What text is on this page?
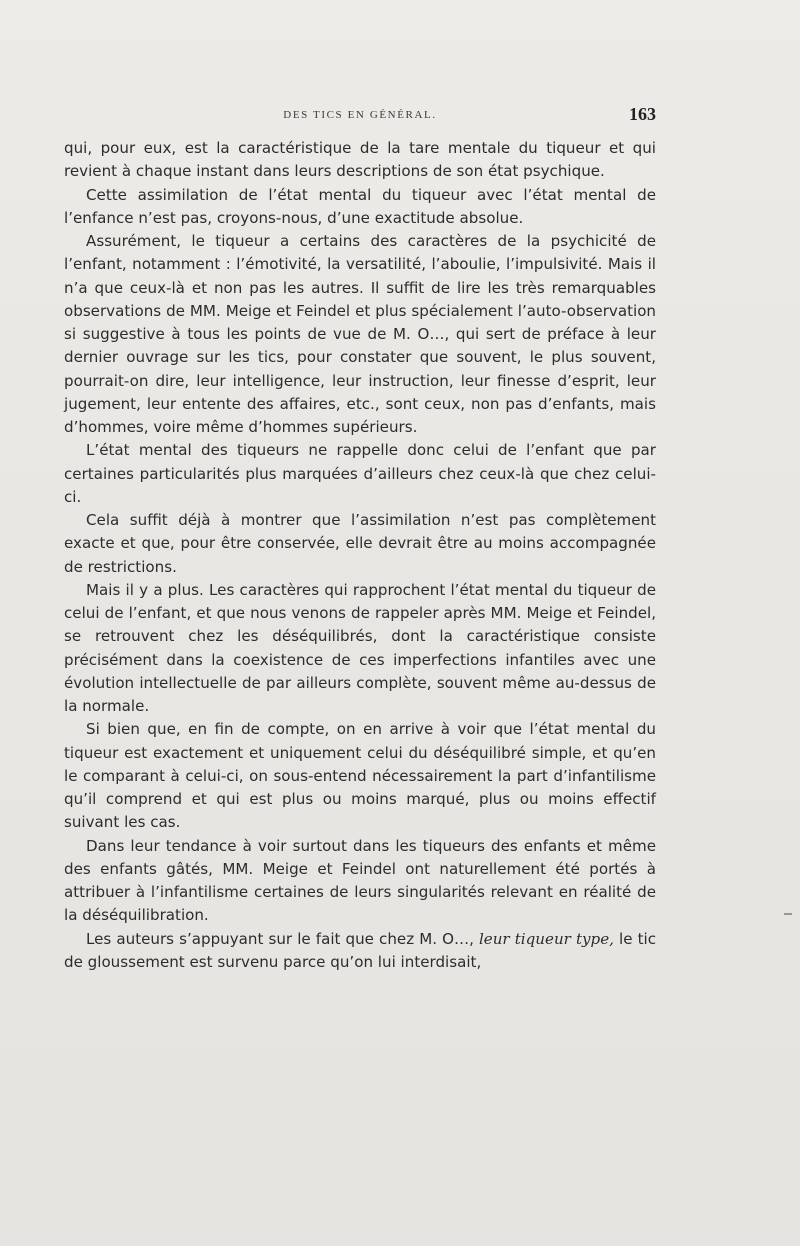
DES TICS EN GÉNÉRAL.	163

qui, pour eux, est la caractéristique de la tare mentale du tiqueur et qui revient à chaque instant dans leurs descriptions de son état psychique.

Cette assimilation de l’état mental du tiqueur avec l’état mental de l’enfance n’est pas, croyons-nous, d’une exactitude absolue.

Assurément, le tiqueur a certains des caractères de la psychicité de l’enfant, notamment : l’émotivité, la versatilité, l’aboulie, l’impulsivité. Mais il n’a que ceux-là et non pas les autres. Il suffit de lire les très remarquables observations de MM. Meige et Feindel et plus spécialement l’auto-observation si suggestive à tous les points de vue de M. O…, qui sert de préface à leur dernier ouvrage sur les tics, pour constater que souvent, le plus souvent, pourrait-on dire, leur intelligence, leur instruction, leur finesse d’esprit, leur jugement, leur entente des affaires, etc., sont ceux, non pas d’enfants, mais d’hommes, voire même d’hommes supérieurs.

L’état mental des tiqueurs ne rappelle donc celui de l’enfant que par certaines particularités plus marquées d’ailleurs chez ceux-là que chez celui-ci.

Cela suffit déjà à montrer que l’assimilation n’est pas complètement exacte et que, pour être conservée, elle devrait être au moins accompagnée de restrictions.

Mais il y a plus. Les caractères qui rapprochent l’état mental du tiqueur de celui de l’enfant, et que nous venons de rappeler après MM. Meige et Feindel, se retrouvent chez les déséquilibrés, dont la caractéristique consiste précisément dans la coexistence de ces imperfections infantiles avec une évolution intellectuelle de par ailleurs complète, souvent même au-dessus de la normale.

Si bien que, en fin de compte, on en arrive à voir que l’état mental du tiqueur est exactement et uniquement celui du déséquilibré simple, et qu’en le comparant à celui-ci, on sous-entend nécessairement la part d’infantilisme qu’il comprend et qui est plus ou moins marqué, plus ou moins effectif suivant les cas.

Dans leur tendance à voir surtout dans les tiqueurs des enfants et même des enfants gâtés, MM. Meige et Feindel ont naturellement été portés à attribuer à l’infantilisme certaines de leurs singularités relevant en réalité de la déséquilibration.

Les auteurs s’appuyant sur le fait que chez M. O…, leur tiqueur type, le tic de gloussement est survenu parce qu’on lui interdisait,
